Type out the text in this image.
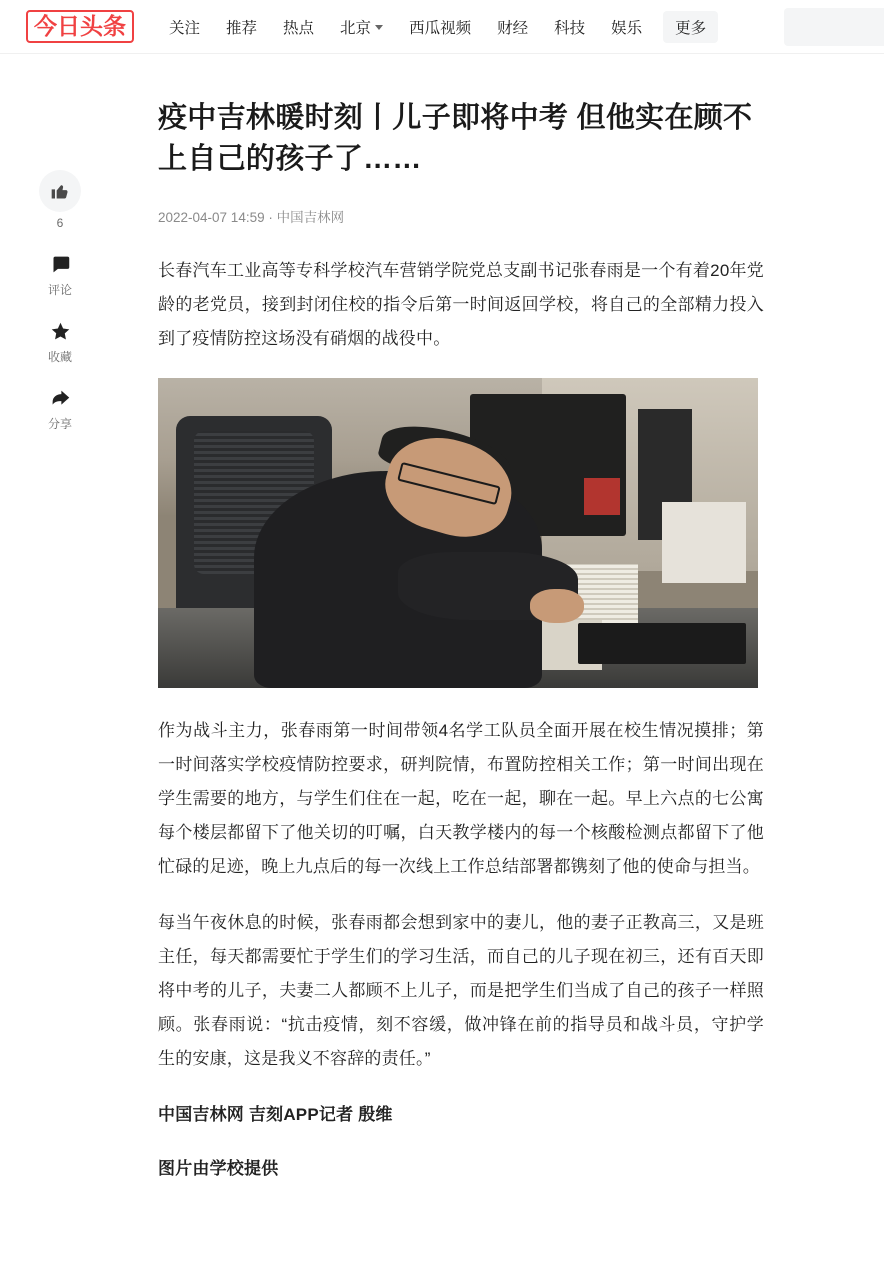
今日头条	关注 推荐 热点 北京 西瓜视频 财经 科技 娱乐 更多
6
评论
收藏
分享
疫中吉林暖时刻丨儿子即将中考 但他实在顾不上自己的孩子了……
2022-04-07 14:59 · 中国吉林网

长春汽车工业高等专科学校汽车营销学院党总支副书记张春雨是一个有着20年党龄的老党员，接到封闭住校的指令后第一时间返回学校，将自己的全部精力投入到了疫情防控这场没有硝烟的战役中。

作为战斗主力，张春雨第一时间带领4名学工队员全面开展在校生情况摸排；第一时间落实学校疫情防控要求，研判院情，布置防控相关工作；第一时间出现在学生需要的地方，与学生们住在一起，吃在一起，聊在一起。早上六点的七公寓每个楼层都留下了他关切的叮嘱，白天教学楼内的每一个核酸检测点都留下了他忙碌的足迹，晚上九点后的每一次线上工作总结部署都镌刻了他的使命与担当。

每当午夜休息的时候，张春雨都会想到家中的妻儿，他的妻子正教高三，又是班主任，每天都需要忙于学生们的学习生活，而自己的儿子现在初三，还有百天即将中考的儿子，夫妻二人都顾不上儿子，而是把学生们当成了自己的孩子一样照顾。张春雨说：“抗击疫情，刻不容缓，做冲锋在前的指导员和战斗员，守护学生的安康，这是我义不容辞的责任。”

中国吉林网 吉刻APP记者 殷维

图片由学校提供
